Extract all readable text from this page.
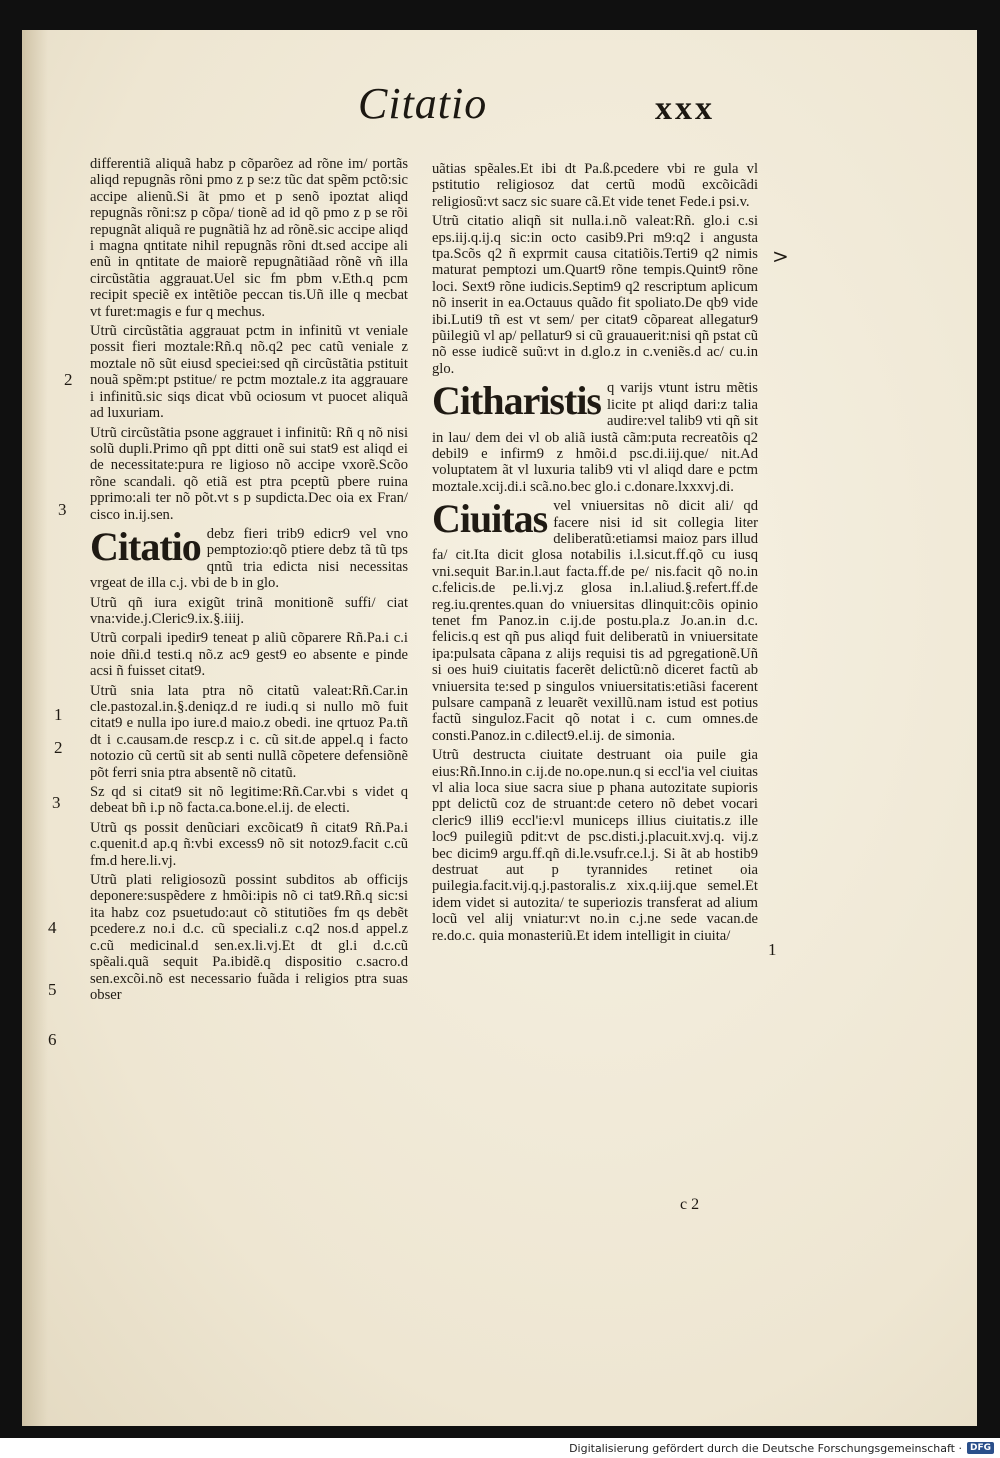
Citatio	xxx

differentiã aliquã habz p cõparõez ad rõne im/ portãs aliqd repugnãs rõni pmo z p se:z tũc dat spẽm pctõ:sic accipe alienũ.Si ãt pmo et p senõ ipoztat aliqd repugnãs rõni:sz p cõpa/ tionẽ ad id qõ pmo z p se rõi repugnãt aliquã re pugnãtiã hz ad rõnẽ.sic accipe aliqd i magna qntitate nihil repugnãs rõni dt.sed accipe ali enũ in qntitate de maiorẽ repugnãtiãad rõnẽ vñ illa circũstãtia aggrauat.Uel sic fm pbm v.Eth.q pcm recipit speciẽ ex intẽtiõe peccan tis.Uñ ille q mecbat vt furet:magis e fur q mechus.

Utrũ circũstãtia aggrauat pctm in infinitũ vt veniale possit fieri moztale:Rñ.q nõ.q2 pec catũ veniale z moztale nõ sũt eiusd speciei:sed qñ circũstãtia pstituit nouã spẽm:pt pstitue/ re pctm moztale.z ita aggrauare i infinitũ.sic siqs dicat vbũ ociosum vt puocet aliquã ad luxuriam.

Utrũ circũstãtia psone aggrauet i infinitũ: Rñ q nõ nisi solũ dupli.Primo qñ ppt ditti onẽ sui stat9 est aliqd ei de necessitate:pura re ligioso nõ accipe vxorẽ.Scõo rõne scandali. qõ etiã est ptra pceptũ pbere ruina pprimo:ali ter nõ põt.vt s p supdicta.Dec oia ex Fran/ cisco in.ij.sen.

Citatio debz fieri trib9 edicr9 vel vno pemptozio:qõ ptiere debz tã tũ tps qntũ tria edicta nisi necessitas vrgeat de illa c.j. vbi de b in glo.

Utrũ qñ iura exigũt trinã monitionẽ suffi/ ciat vna:vide.j.Cleric9.ix.§.iiij.

Utrũ corpali ipedir9 teneat p aliũ cõparere Rñ.Pa.i c.i noie dñi.d testi.q nõ.z ac9 gest9 eo absente e pinde acsi ñ fuisset citat9.

Utrũ snia lata ptra nõ citatũ valeat:Rñ.Car.in cle.pastozal.in.§.deniqz.d re iudi.q si nullo mõ fuit citat9 e nulla ipo iure.d maio.z obedi. ine qrtuoz Pa.tñ dt i c.causam.de rescp.z i c. cũ sit.de appel.q i facto notozio cũ certũ sit ab senti nullã cõpetere defensiõnẽ põt ferri snia ptra absentẽ nõ citatũ.

Sz qd si citat9 sit nõ legitime:Rñ.Car.vbi s videt q debeat bñ i.p nõ facta.ca.bone.el.ij. de electi.

Utrũ qs possit denũciari excõicat9 ñ citat9 Rñ.Pa.i c.quenit.d ap.q ñ:vbi excess9 nõ sit notoz9.facit c.cũ fm.d here.li.vj.

Utrũ plati religiosozũ possint subditos ab officijs deponere:suspẽdere z hmõi:ipis nõ ci tat9.Rñ.q sic:si ita habz coz psuetudo:aut cõ stitutiões fm qs debẽt pcedere.z no.i d.c. cũ speciali.z c.q2 nos.d appel.z c.cũ medicinal.d sen.ex.li.vj.Et dt gl.i d.c.cũ spẽali.quã sequit Pa.ibidẽ.q dispositio c.sacro.d sen.excõi.nõ est necessario fuãda i religios ptra suas obser

uãtias spẽales.Et ibi dt Pa.ß.pcedere vbi re gula vl pstitutio religiosoz dat certũ modũ excõicãdi religiosũ:vt sacz sic suare cã.Et vide tenet Fede.i psi.v.

Utrũ citatio aliqñ sit nulla.i.nõ valeat:Rñ. glo.i c.si eps.iij.q.ij.q sic:in octo casib9.Pri m9:q2 i angusta tpa.Scõs q2 ñ exprmit causa citatiõis.Terti9 q2 nimis maturat pemptozi um.Quart9 rõne tempis.Quint9 rõne loci. Sext9 rõne iudicis.Septim9 q2 rescriptum aplicum nõ inserit in ea.Octauus quãdo fit spoliato.De qb9 vide ibi.Luti9 tñ est vt sem/ per citat9 cõpareat allegatur9 pũilegiũ vl ap/ pellatur9 si cũ grauauerit:nisi qñ pstat cũ nõ esse iudicẽ suũ:vt in d.glo.z in c.veniẽs.d ac/ cu.in glo.

Citharistis q varijs vtunt istru mẽtis licite pt aliqd dari:z talia audire:vel talib9 vti qñ sit in lau/ dem dei vl ob aliã iustã cãm:puta recreatõis q2 debil9 e infirm9 z hmõi.d psc.di.iij.que/ nit.Ad voluptatem ãt vl luxuria talib9 vti vl aliqd dare e pctm moztale.xcij.di.i scã.no.bec glo.i c.donare.lxxxvj.di.

Ciuitas vel vniuersitas nõ dicit ali/ qd facere nisi id sit collegia liter deliberatũ:etiamsi maioz pars illud fa/ cit.Ita dicit glosa notabilis i.l.sicut.ff.qõ cu iusq vni.sequit Bar.in.l.aut facta.ff.de pe/ nis.facit qõ no.in c.felicis.de pe.li.vj.z glosa in.l.aliud.§.refert.ff.de reg.iu.qrentes.quan do vniuersitas dlinquit:cõis opinio tenet fm Panoz.in c.ij.de postu.pla.z Jo.an.in d.c. felicis.q est qñ pus aliqd fuit deliberatũ in vniuersitate ipa:pulsata cãpana z alijs requisi tis ad pgregationẽ.Uñ si oes hui9 ciuitatis facerẽt delictũ:nõ diceret factũ ab vniuersita te:sed p singulos vniuersitatis:etiãsi facerent pulsare campanã z leuarẽt vexillũ.nam istud est potius factũ singuloz.Facit qõ notat i c. cum omnes.de consti.Panoz.in c.dilect9.el.ij. de simonia.

Utrũ destructa ciuitate destruant oia puile gia eius:Rñ.Inno.in c.ij.de no.ope.nun.q si eccl'ia vel ciuitas vl alia loca siue sacra siue p phana autozitate supioris ppt delictũ coz de struant:de cetero nõ debet vocari cleric9 illi9 eccl'ie:vl municeps illius ciuitatis.z ille loc9 puilegiũ pdit:vt de psc.disti.j.placuit.xvj.q. vij.z bec dicim9 argu.ff.qñ di.le.vsufr.ce.l.j. Si ãt ab hostib9 destruat aut p tyrannides retinet oia puilegia.facit.vij.q.j.pastoralis.z xix.q.iij.que semel.Et idem videt si autozita/ te superiozis transferat ad alium locũ vel alij vniatur:vt no.in c.j.ne sede vacan.de re.do.c. quia monasteriũ.Et idem intelligit in ciuita/

2
3
1
2
3
4
5
6
1
>
c 2
Digitalisierung gefördert durch die Deutsche Forschungsgemeinschaft · DFG
